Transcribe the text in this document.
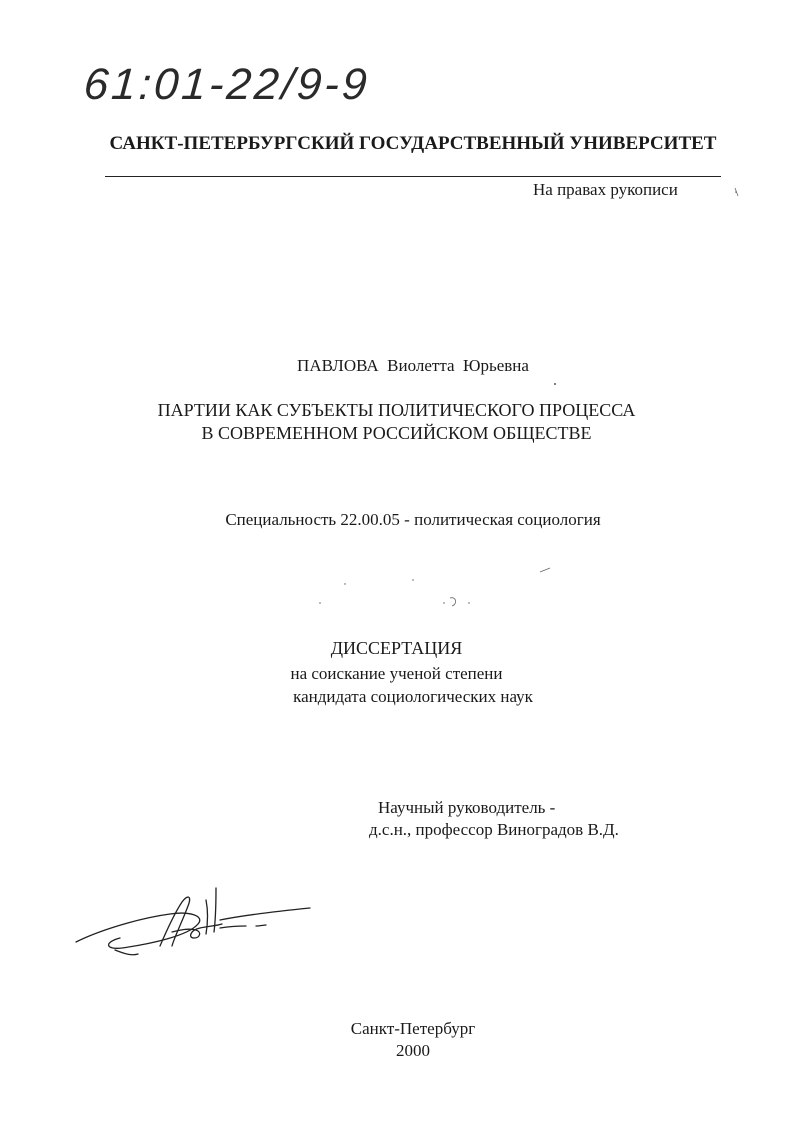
61:01-22/9-9
САНКТ-ПЕТЕРБУРГСКИЙ ГОСУДАРСТВЕННЫЙ УНИВЕРСИТЕТ
На правах рукописи
ПАВЛОВА  Виолетта  Юрьевна
ПАРТИИ КАК СУБЪЕКТЫ ПОЛИТИЧЕСКОГО ПРОЦЕССА
В СОВРЕМЕННОМ РОССИЙСКОМ ОБЩЕСТВЕ
Специальность 22.00.05 - политическая социология
ДИССЕРТАЦИЯ
на соискание ученой степени
кандидата социологических наук
Научный руководитель -
д.с.н., профессор Виноградов В.Д.
Санкт-Петербург
2000
